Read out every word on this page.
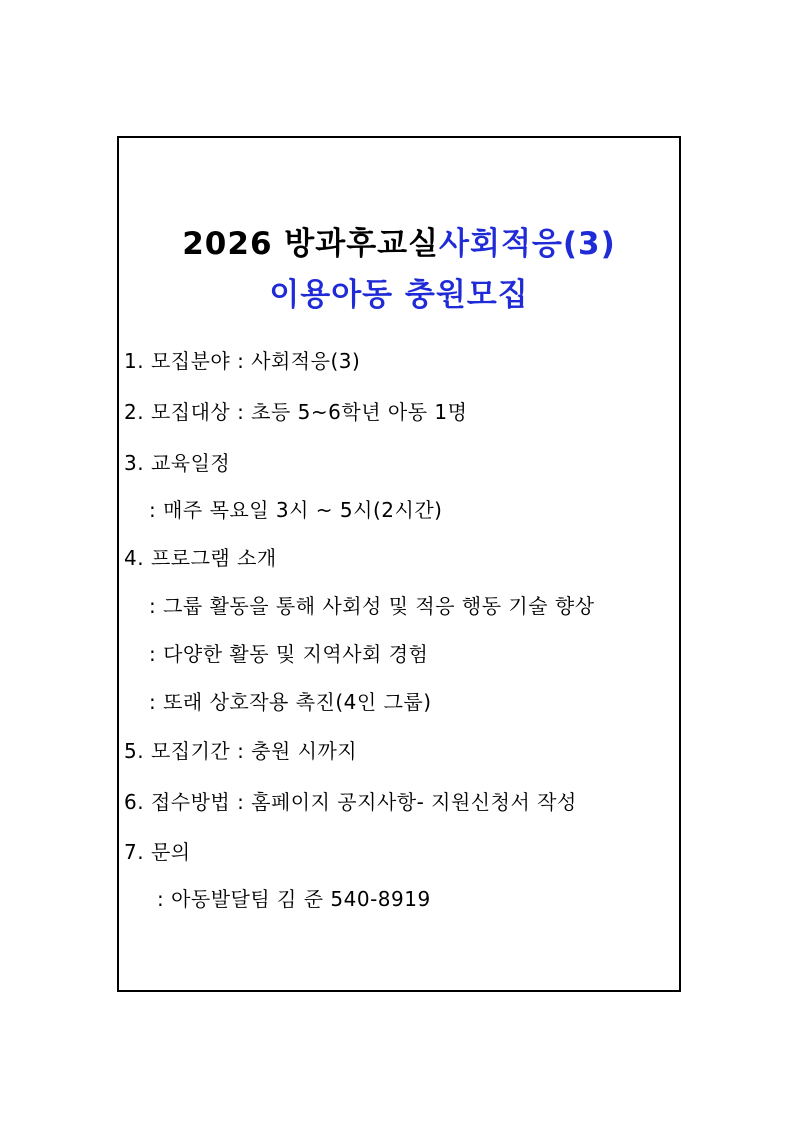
2026 방과후교실사회적응(3)
이용아동 충원모집
1. 모집분야 : 사회적응(3)
2. 모집대상 : 초등 5~6학년 아동 1명
3. 교육일정
: 매주 목요일 3시 ~ 5시(2시간)
4. 프로그램 소개
: 그룹 활동을 통해 사회성 및 적응 행동 기술 향상
: 다양한 활동 및 지역사회 경험
: 또래 상호작용 촉진(4인 그룹)
5. 모집기간 : 충원 시까지
6. 접수방법 : 홈페이지 공지사항- 지원신청서 작성
7. 문의
: 아동발달팀 김 준 540-8919
